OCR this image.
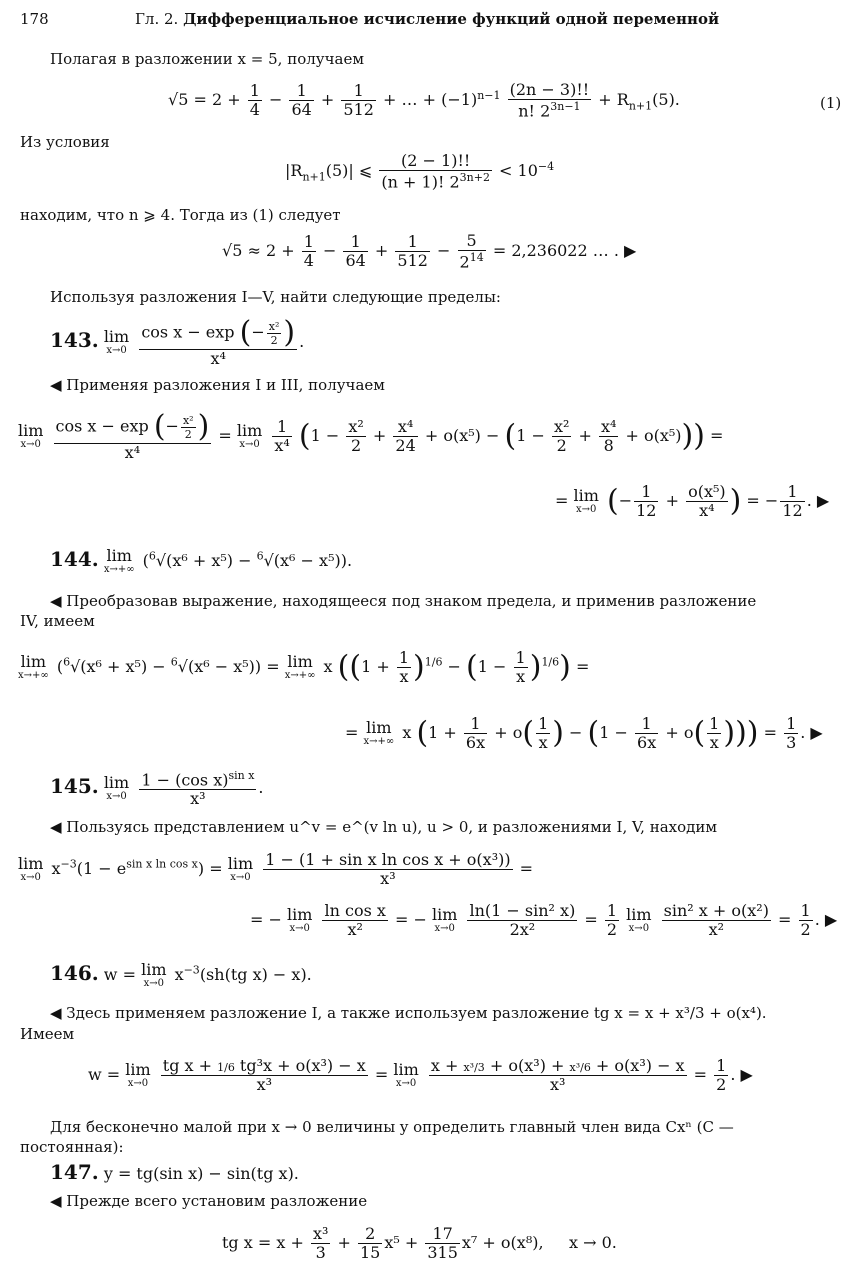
178	Гл. 2. Дифференциальное исчисление функций одной переменной
Полагая в разложении x = 5, получаем
$√5 = 2 + \frac{1}{4} - \frac{1}{64} + \frac{1}{512}$ + … + $(-1)^{n-1} \frac{(2n - 3)!!}{n! 2^{3n-1}} + R_{n+1}(5)$.	(1)
Из условия
$|R_{n+1}(5)|$ ⩽ $\frac{(2 - 1)!!}{(n + 1)! 2^{3n+2}} < 10^{-4}$
находим, что n ⩾ 4. Тогда из (1) следует
$√5 \approx 2 + \frac{1}{4} - \frac{1}{64} + \frac{1}{512} - \frac{5}{2^{14}} = 2,236022$ … . ▶
Используя разложения I—V, найти следующие пределы:
143. lim
x→0
$\frac{\cos x - \exp (- \frac{\text{x²}}{2} )}{\text{x⁴}}$ .
◀ Применяя разложения I и III, получаем
lim
x→0
$\frac{\cos x - \exp (- \frac{\text{x²}}{2} )}{\text{x⁴}} = \lim$
x→0
$\frac{1}{\text{x⁴}} (1 - \frac{\text{x²}}{2} + \frac{\text{x⁴}}{24} + o(x^5) - (1 - \frac{\text{x²}}{2} + \frac{\text{x⁴}}{8} + o(x^5)))$ =
= lim
x→0 (− $\frac{1}{12} + \frac{\text{o(x⁵)}}{\text{x⁴}}$ ) = − $\frac{1}{12}$ . ▶
144. lim
x→+∞ ($^6$√(x⁶ + x⁵) − $^6$√(x⁶ − x⁵)).
◀ Преобразовав выражение, находящееся под знаком предела, и применив разложение
IV, имеем
lim
x→+∞ ($^6$√(x⁶ + x⁵) − $^6$√(x⁶ − x⁵)) = lim
x→+∞ x $((1 + \frac{1}{x} )^{1/6} - (1 - \frac{1}{x} )^{1/6})$ =
= lim
x→+∞ x ($1 + \frac{1}{6x} + o( \frac{1}{x}$ ) − ($1 - \frac{1}{6x} + o( \frac{1}{x}$ ))) = $\frac{1}{3}$ . ▶
145. lim
x→0
$\frac{1 - (\cos x)^{sin x}}{\text{x³}}$ .
◀ Пользуясь представлением u^v = e^(v ln u), u > 0, и разложениями I, V, находим
lim
x→0 $x^{-3}(1 - e^{sin x ln cos x}) = \lim$
x→0
$\frac{\text{1 − (1 + sin x ln cos x + o(x³))}}{\text{x³}}$ =
= − lim
x→0
$\frac{\text{ln cos x}}{\text{x²}}$ = − lim
x→0
$\frac{\text{ln(1 − sin² x)}}{\text{2x²}} = \frac{1}{2}$
lim
x→0
$\frac{\text{sin² x + o(x²)}}{\text{x²}} = \frac{1}{2}$ . ▶
146. w = lim
x→0 $x^{-3}(sh(tg$ x) − x).
◀ Здесь применяем разложение I, а также используем разложение tg x = x + x³/3 + o(x⁴).
Имеем
w = lim
x→0
$\frac{\text{tg x + 1/6 tg³x + o(x³) − x}}{\text{x³}} = \lim$
x→0
$\frac{\text{x + x³/3 + o(x³) + x³/6 + o(x³) − x}}{\text{x³}} = \frac{1}{2}$ . ▶
Для бесконечно малой при x → 0 величины y определить главный член вида Cxⁿ (C —
постоянная):
147. y = tg(sin x) − sin(tg x).
◀ Прежде всего установим разложение
tg $x = x + \frac{\text{x³}}{3} + \frac{2}{15} x^5 + \frac{17}{315} x^7 + o(x^8)$,     x → 0.
